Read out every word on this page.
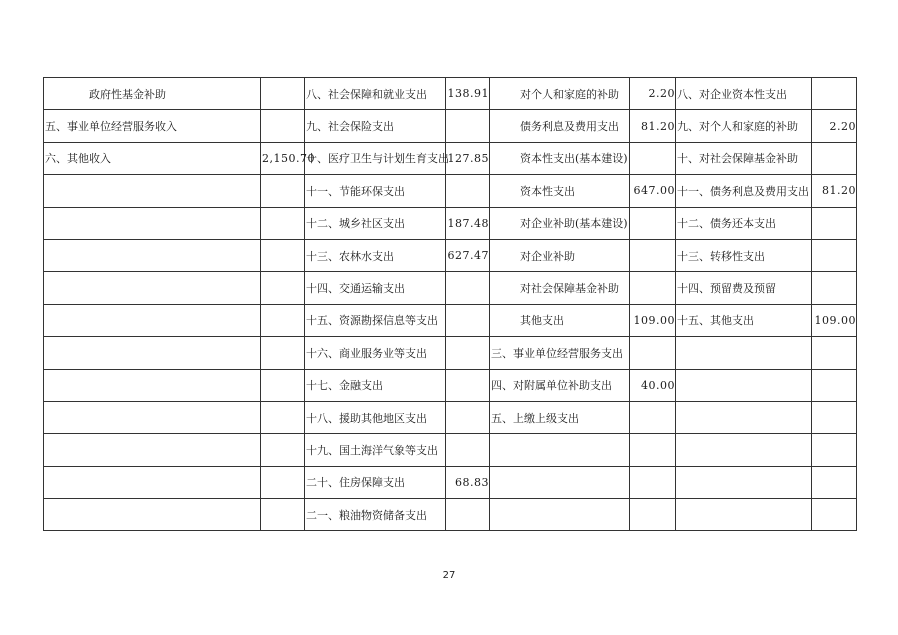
政府性基金补助		八、社会保障和就业支出	138.91	对个人和家庭的补助	2.20	八、对企业资本性支出	
五、事业单位经营服务收入		九、社会保险支出		债务利息及费用支出	81.20	九、对个人和家庭的补助	2.20
六、其他收入	2,150.70	十、医疗卫生与计划生育支出	127.85	资本性支出(基本建设)		十、对社会保障基金补助	
		十一、节能环保支出		资本性支出	647.00	十一、债务利息及费用支出	81.20
		十二、城乡社区支出	187.48	对企业补助(基本建设)		十二、债务还本支出	
		十三、农林水支出	627.47	对企业补助		十三、转移性支出	
		十四、交通运输支出		对社会保障基金补助		十四、预留费及预留	
		十五、资源勘探信息等支出		其他支出	109.00	十五、其他支出	109.00
		十六、商业服务业等支出		三、事业单位经营服务支出			
		十七、金融支出		四、对附属单位补助支出	40.00		
		十八、援助其他地区支出		五、上缴上级支出			
		十九、国土海洋气象等支出					
		二十、住房保障支出	68.83				
		二一、粮油物资储备支出					
27
